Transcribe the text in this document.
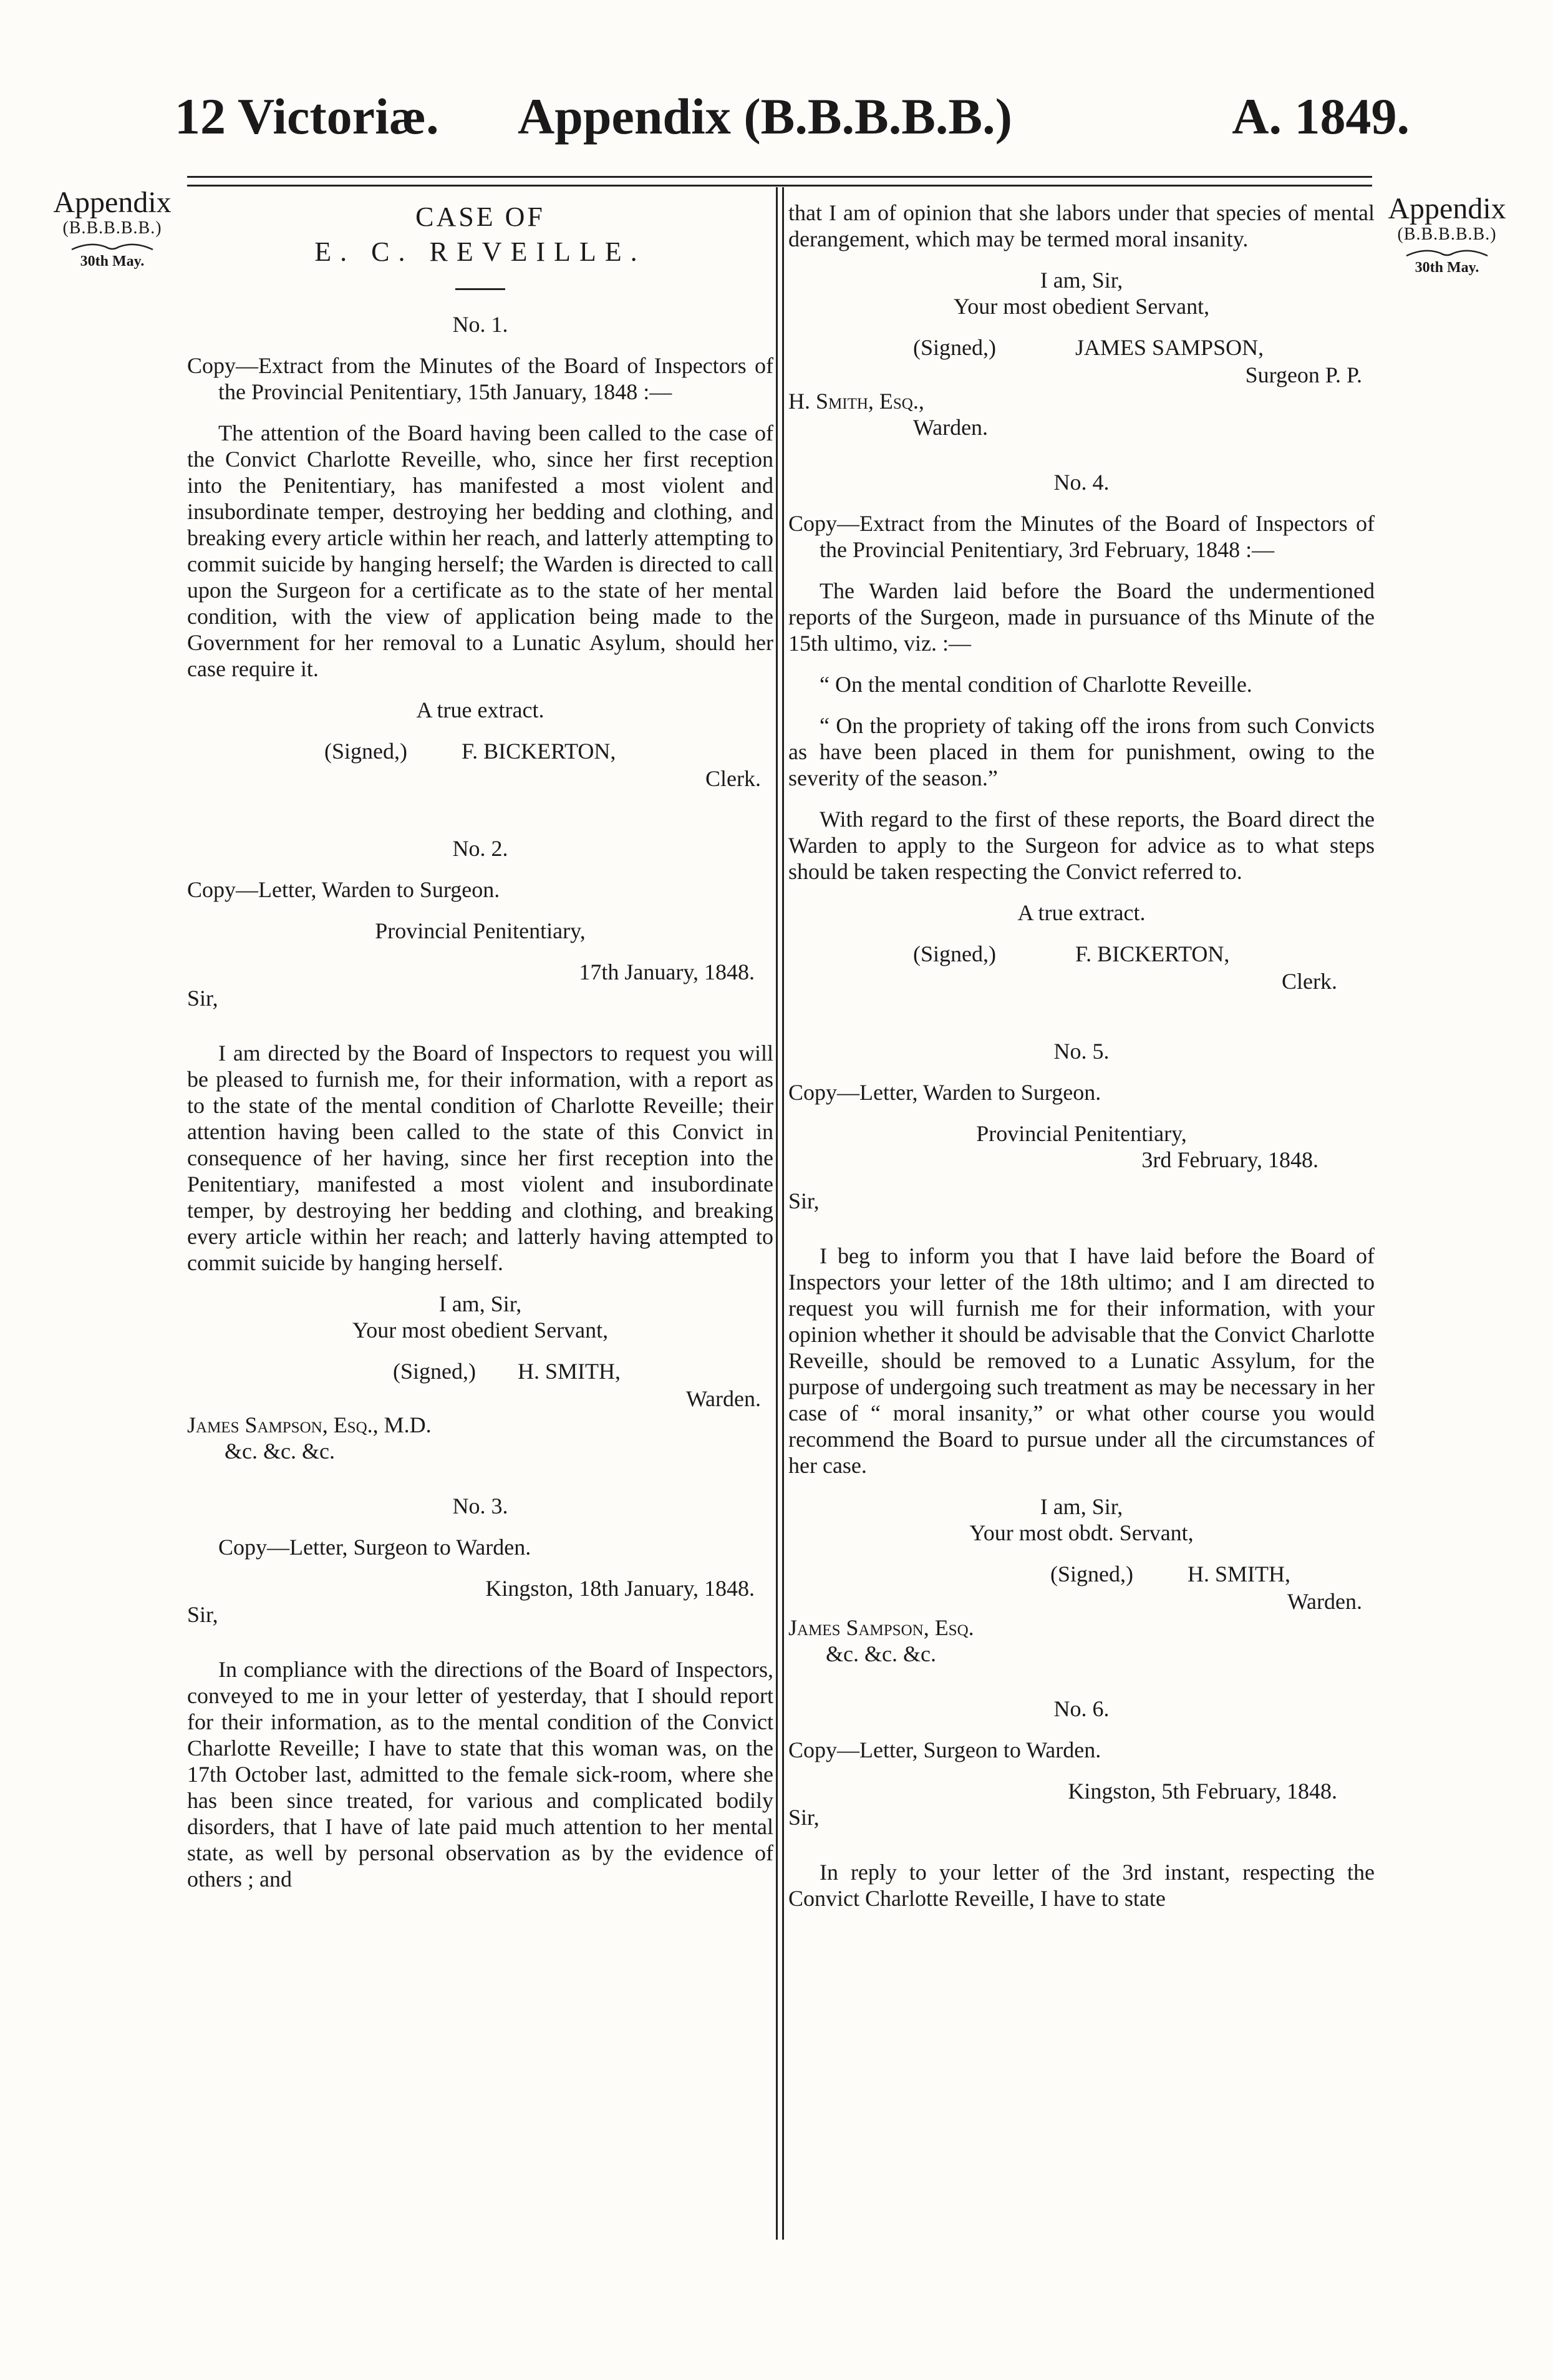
12 Victoriæ. Appendix (B.B.B.B.B.)	A. 1849.
Appendix
(B.B.B.B.B.)
30th May.
Appendix
(B.B.B.B.B.)
30th May.
CASE OF
E. C. REVEILLE.

No. 1.

Copy—Extract from the Minutes of the Board of Inspectors of the Provincial Penitentiary, 15th January, 1848 :—

The attention of the Board having been called to the case of the Convict Charlotte Reveille, who, since her first reception into the Penitentiary, has manifested a most violent and insubordinate temper, destroying her bedding and clothing, and breaking every article within her reach, and latterly attempting to commit suicide by hanging herself; the Warden is directed to call upon the Surgeon for a certificate as to the state of her mental condition, with the view of application being made to the Government for her removal to a Lunatic Asylum, should her case require it.

A true extract.

(Signed,) F. BICKERTON,

Clerk.

No. 2.

Copy—Letter, Warden to Surgeon.

Provincial Penitentiary,

17th January, 1848.

Sir,

I am directed by the Board of Inspectors to request you will be pleased to furnish me, for their information, with a report as to the state of the mental condition of Charlotte Reveille; their attention having been called to the state of this Convict in consequence of her having, since her first reception into the Penitentiary, manifested a most violent and insubordinate temper, by destroying her bedding and clothing, and breaking every article within her reach; and latterly having attempted to commit suicide by hanging herself.

I am, Sir,

Your most obedient Servant,

(Signed,) H. SMITH,

Warden.

James Sampson, Esq., M.D.

&c. &c. &c.

No. 3.

Copy—Letter, Surgeon to Warden.

Kingston, 18th January, 1848.

Sir,

In compliance with the directions of the Board of Inspectors, conveyed to me in your letter of yesterday, that I should report for their information, as to the mental condition of the Convict Charlotte Reveille; I have to state that this woman was, on the 17th October last, admitted to the female sick-room, where she has been since treated, for various and complicated bodily disorders, that I have of late paid much attention to her mental state, as well by personal observation as by the evidence of others ; and

that I am of opinion that she labors under that species of mental derangement, which may be termed moral insanity.

I am, Sir,

Your most obedient Servant,

(Signed,)	JAMES SAMPSON,

Surgeon P. P.

H. Smith, Esq.,

Warden.

No. 4.

Copy—Extract from the Minutes of the Board of Inspectors of the Provincial Penitentiary, 3rd February, 1848 :—

The Warden laid before the Board the undermentioned reports of the Surgeon, made in pursuance of ths Minute of the 15th ultimo, viz. :—

“ On the mental condition of Charlotte Reveille.

“ On the propriety of taking off the irons from such Convicts as have been placed in them for punishment, owing to the severity of the season.”

With regard to the first of these reports, the Board direct the Warden to apply to the Surgeon for advice as to what steps should be taken respecting the Convict referred to.

A true extract.

(Signed,)	F. BICKERTON,

Clerk.

No. 5.

Copy—Letter, Warden to Surgeon.

Provincial Penitentiary,

3rd February, 1848.

Sir,

I beg to inform you that I have laid before the Board of Inspectors your letter of the 18th ultimo; and I am directed to request you will furnish me for their information, with your opinion whether it should be advisable that the Convict Charlotte Reveille, should be removed to a Lunatic Assylum, for the purpose of undergoing such treatment as may be necessary in her case of “ moral insanity,” or what other course you would recommend the Board to pursue under all the circumstances of her case.

I am, Sir,

Your most obdt. Servant,

(Signed,) H. SMITH,

Warden.

James Sampson, Esq.

&c. &c. &c.

No. 6.

Copy—Letter, Surgeon to Warden.

Kingston, 5th February, 1848.

Sir,

In reply to your letter of the 3rd instant, respecting the Convict Charlotte Reveille, I have to state
